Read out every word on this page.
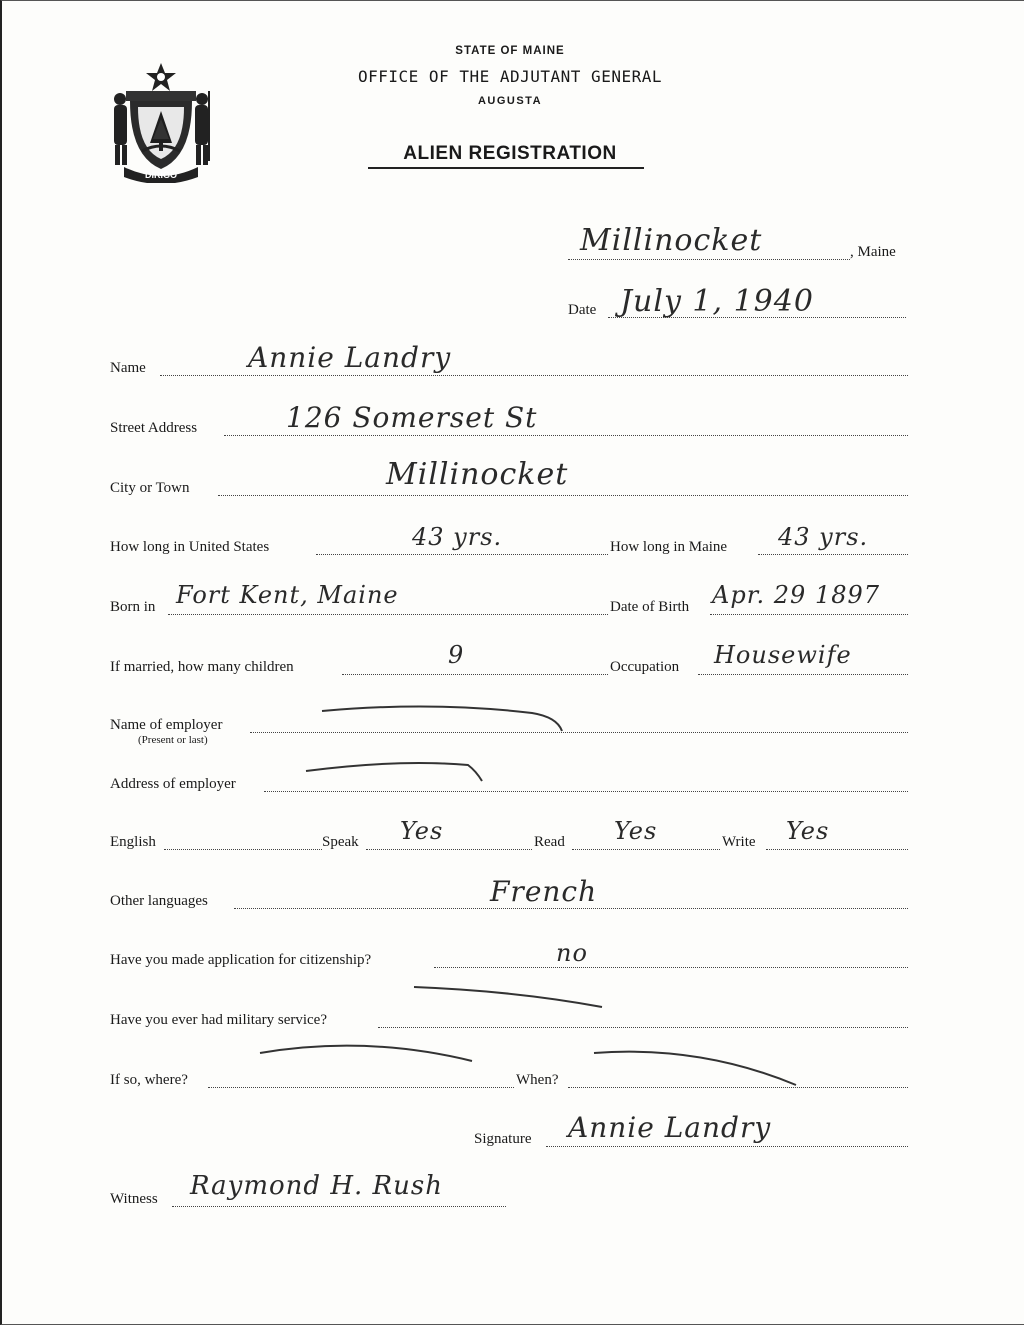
DIRIGO
STATE OF MAINE
OFFICE OF THE ADJUTANT GENERAL
AUGUSTA
ALIEN REGISTRATION
Millinocket	, Maine
Date July 1, 1940
Name	Annie Landry
Street Address	126 Somerset St
City or Town	Millinocket
How long in United States	43 yrs.	How long in Maine 43 yrs.
Born in Fort Kent, Maine	Date of Birth Apr. 29 1897
If married, how many children	9	Occupation Housewife
Name of employer
(Present or last)
Address of employer
English	Speak Yes	Read Yes	Write Yes
Other languages	French
Have you made application for citizenship?	no
Have you ever had military service?
If so, where?	When?
Signature Annie Landry
Witness Raymond H. Rush
